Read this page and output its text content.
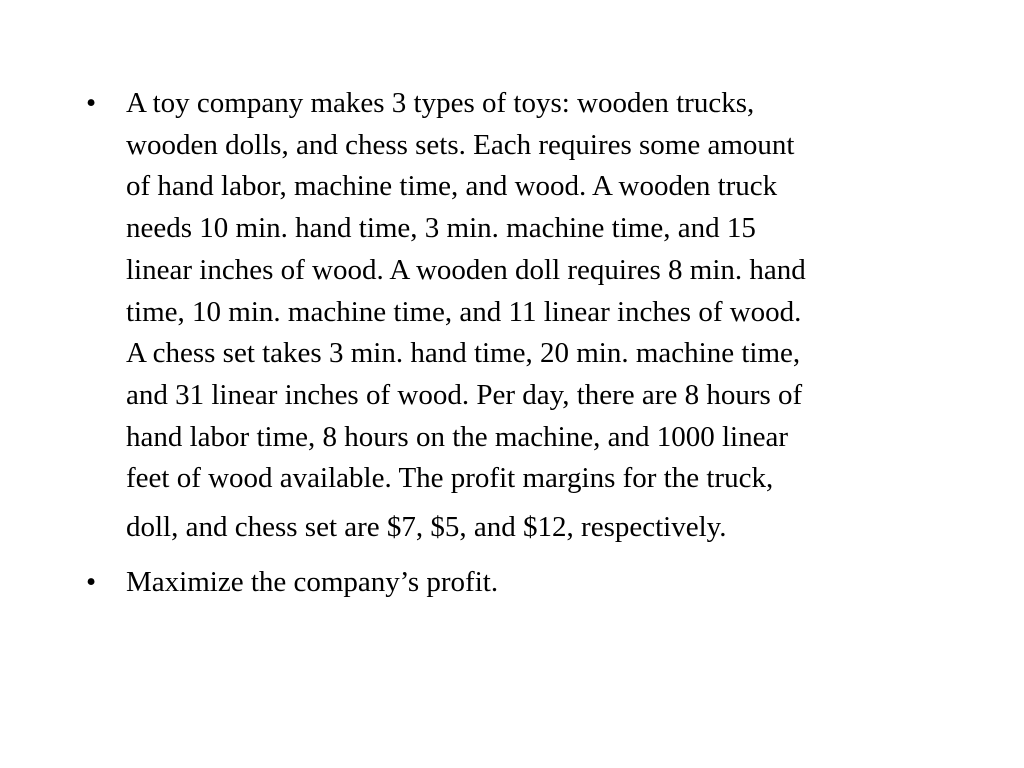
•	A toy company makes 3 types of toys: wooden trucks,
wooden dolls, and chess sets. Each requires some amount
of hand labor, machine time, and wood. A wooden truck
needs 10 min. hand time, 3 min. machine time, and 15
linear inches of wood. A wooden doll requires 8 min. hand
time, 10 min. machine time, and 11 linear inches of wood.
A chess set takes 3 min. hand time, 20 min. machine time,
and 31 linear inches of wood. Per day, there are 8 hours of
hand labor time, 8 hours on the machine, and 1000 linear
feet of wood available. The profit margins for the truck,
doll, and chess set are $7, $5, and $12, respectively.
•	Maximize the company’s profit.
